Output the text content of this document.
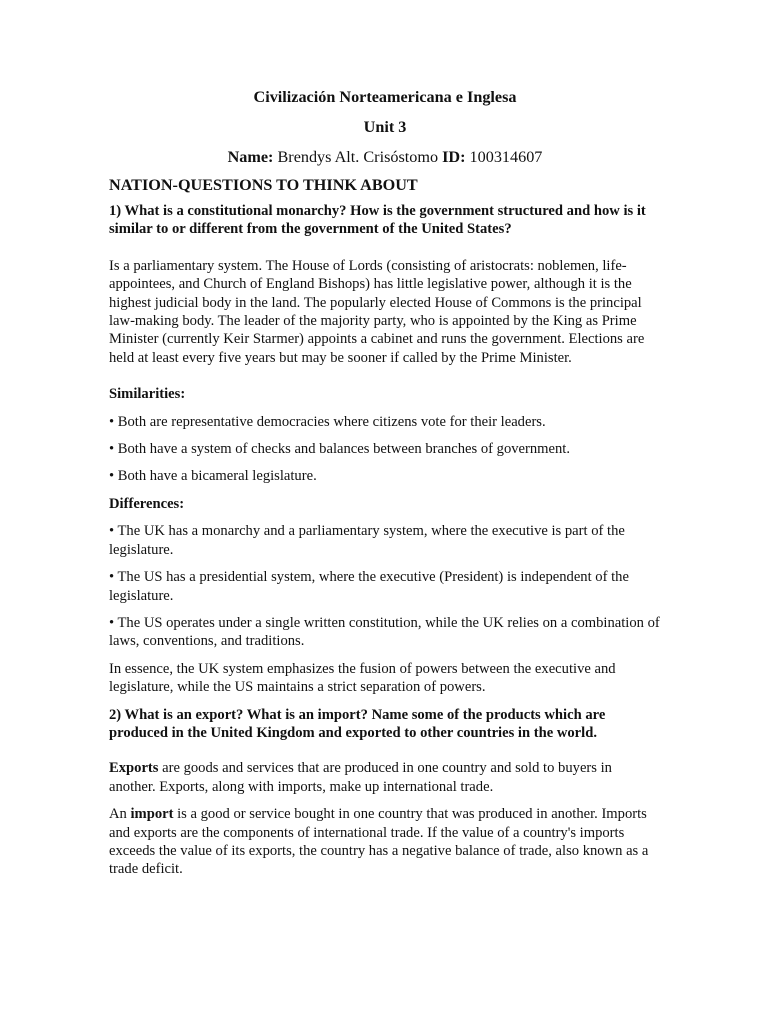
Civilización Norteamericana e Inglesa

Unit 3

Name: Brendys Alt. Crisóstomo ID: 100314607

NATION-QUESTIONS TO THINK ABOUT

1) What is a constitutional monarchy? How is the government structured and how is it similar to or different from the government of the United States?

Is a parliamentary system. The House of Lords (consisting of aristocrats: noblemen, life-appointees, and Church of England Bishops) has little legislative power, although it is the highest judicial body in the land. The popularly elected House of Commons is the principal law-making body. The leader of the majority party, who is appointed by the King as Prime Minister (currently Keir Starmer) appoints a cabinet and runs the government. Elections are held at least every five years but may be sooner if called by the Prime Minister.

Similarities:

• Both are representative democracies where citizens vote for their leaders.

• Both have a system of checks and balances between branches of government.

• Both have a bicameral legislature.

Differences:

• The UK has a monarchy and a parliamentary system, where the executive is part of the legislature.

• The US has a presidential system, where the executive (President) is independent of the legislature.

• The US operates under a single written constitution, while the UK relies on a combination of laws, conventions, and traditions.

In essence, the UK system emphasizes the fusion of powers between the executive and legislature, while the US maintains a strict separation of powers.

2) What is an export? What is an import? Name some of the products which are produced in the United Kingdom and exported to other countries in the world.

Exports are goods and services that are produced in one country and sold to buyers in another. Exports, along with imports, make up international trade.

An import is a good or service bought in one country that was produced in another. Imports and exports are the components of international trade. If the value of a country's imports exceeds the value of its exports, the country has a negative balance of trade, also known as a trade deficit.
